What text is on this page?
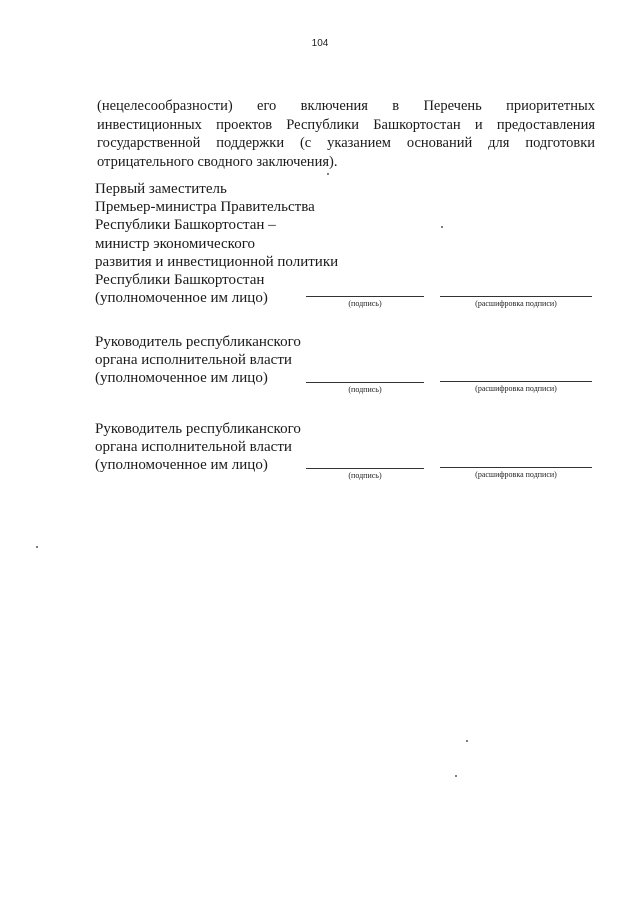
104
(нецелесообразности) его включения в Перечень приоритетных
инвестиционных проектов Республики Башкортостан и предоставления
государственной поддержки (с указанием оснований для подготовки
отрицательного сводного заключения).
Первый заместитель
Премьер-министра Правительства
Республики Башкортостан –
министр экономического
развития и инвестиционной политики
Республики Башкортостан
(уполномоченное им лицо)	(подпись)	(расшифровка подписи)
Руководитель республиканского
органа исполнительной власти
(уполномоченное им лицо)
(подпись)	(расшифровка подписи)
Руководитель республиканского
органа исполнительной власти
(уполномоченное им лицо)
(подпись)	(расшифровка подписи)
